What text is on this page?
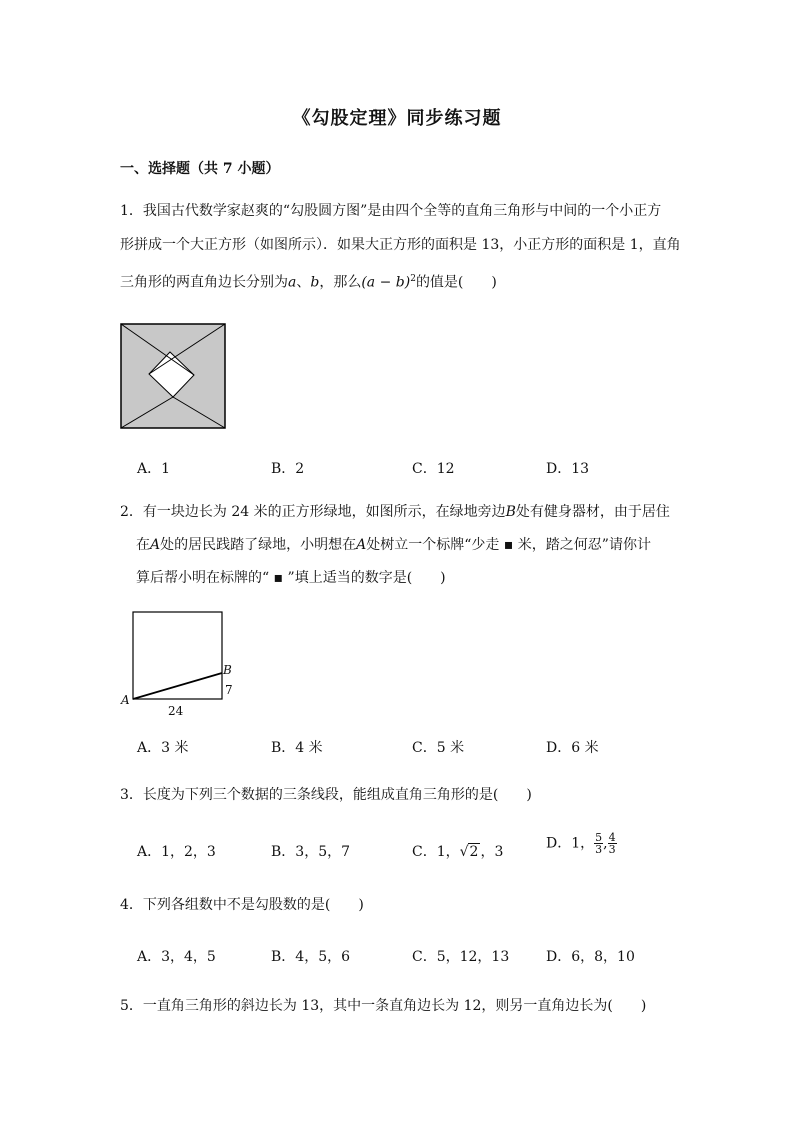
《勾股定理》同步练习题
一、选择题（共 7 小题）
1．我国古代数学家赵爽的“勾股圆方图”是由四个全等的直角三角形与中间的一个小正方
形拼成一个大正方形（如图所示）．如果大正方形的面积是 13，小正方形的面积是 1，直角
三角形的两直角边长分别为a、b，那么$(a - b)^2$的值是(　　)
A．1	B．2	C．12	D．13
2．有一块边长为 24 米的正方形绿地，如图所示，在绿地旁边B处有健身器材，由于居住
在A处的居民践踏了绿地，小明想在A处树立一个标牌“少走 ▪ 米，踏之何忍”请你计
算后帮小明在标牌的“ ▪ ”填上适当的数字是(　　)
B
A
7
24
A．3 米	B．4 米	C．5 米	D．6 米
3．长度为下列三个数据的三条线段，能组成直角三角形的是(　　)
A．1，2，3	B．3，5，7	C．1，√2 ，3
D．1， $\frac{5}{3}$ , $\frac{4}{3}$
4．下列各组数中不是勾股数的是(　　)
A．3，4，5	B．4，5，6	C．5，12，13	D．6，8，10
5．一直角三角形的斜边长为 13，其中一条直角边长为 12，则另一直角边长为(　　)
